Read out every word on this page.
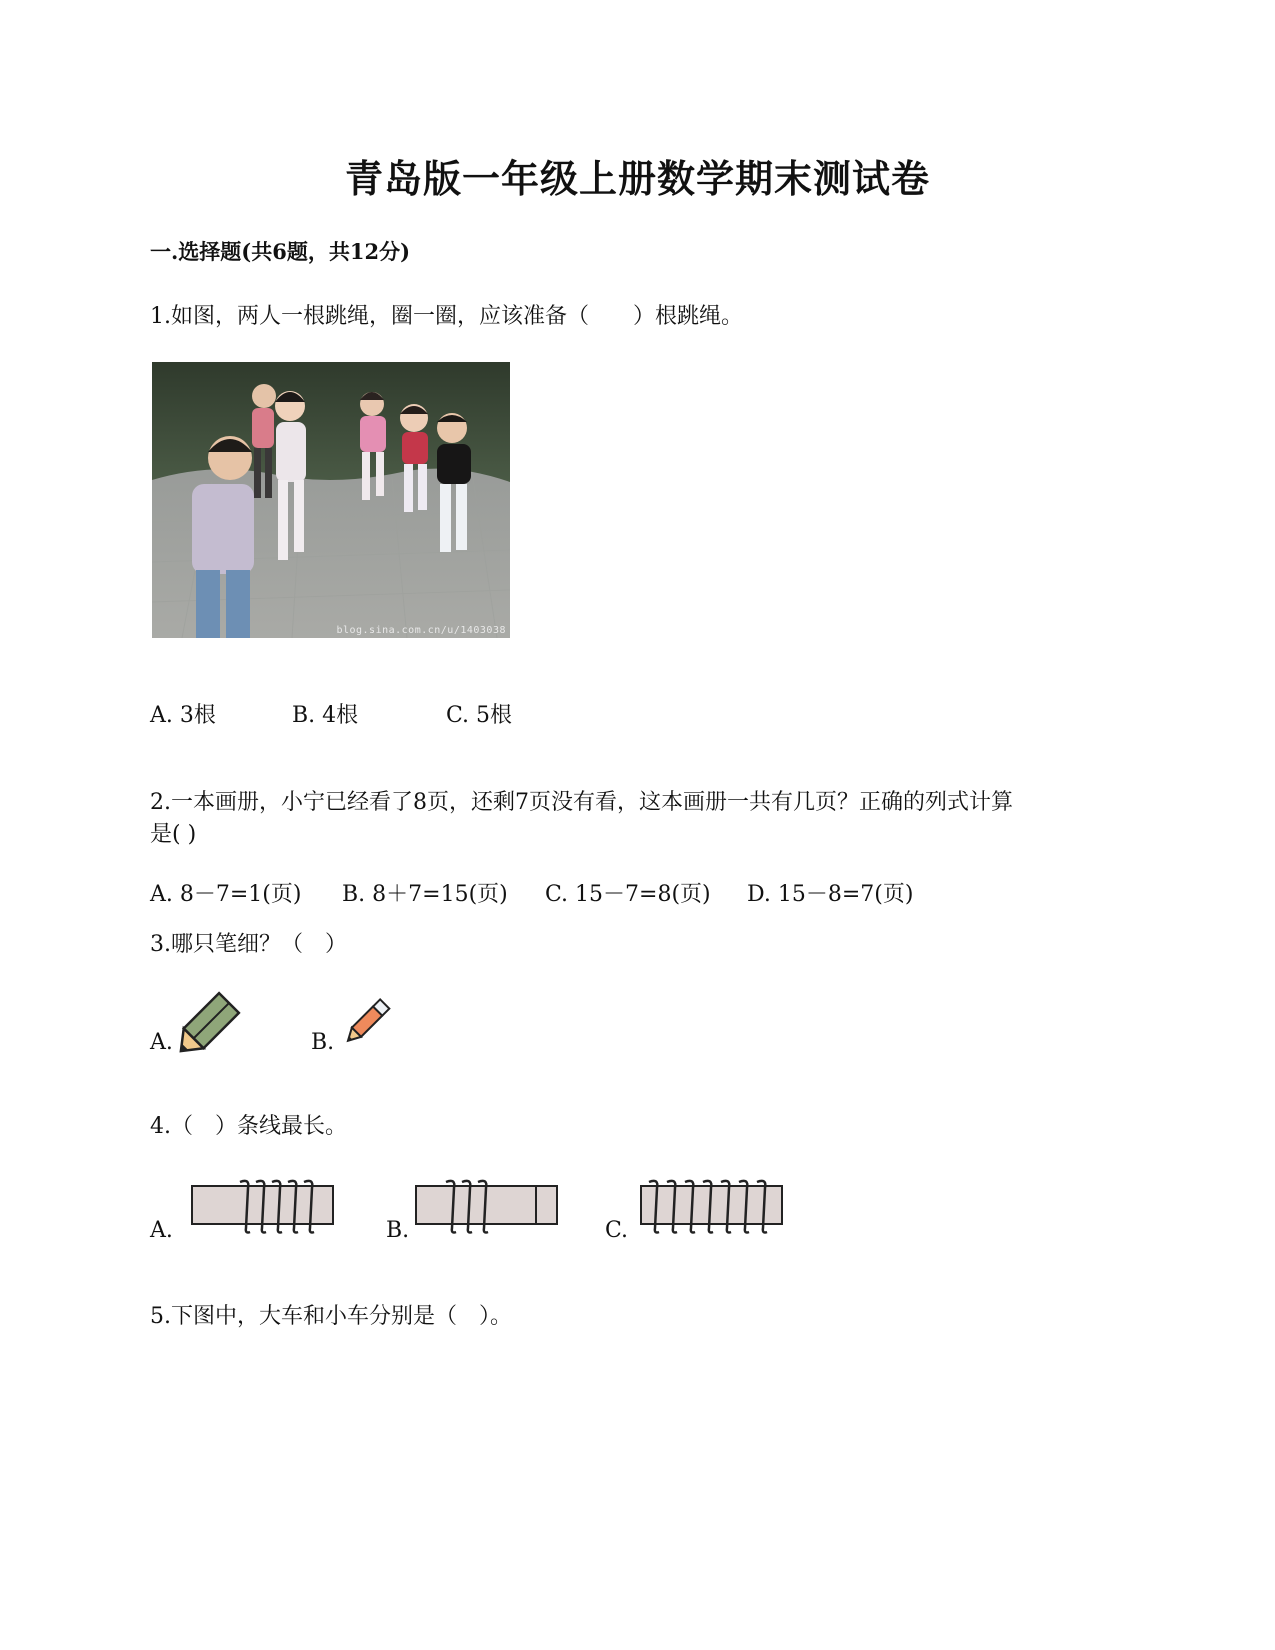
青岛版一年级上册数学期末测试卷
一.选择题(共6题，共12分)
1.如图，两人一根跳绳，圈一圈，应该准备（　　）根跳绳。
blog.sina.com.cn/u/1403038
A. 3根	B. 4根	C. 5根
2.一本画册，小宁已经看了8页，还剩7页没有看，这本画册一共有几页？正确的列式计算
是( )
A. 8－7=1(页) B. 8＋7=15(页) C. 15－7=8(页) D. 15－8=7(页)
3.哪只笔细？（　）
A.	B.
4.（　）条线最长。
A.	B.	C.
5.下图中，大车和小车分别是（　）。
